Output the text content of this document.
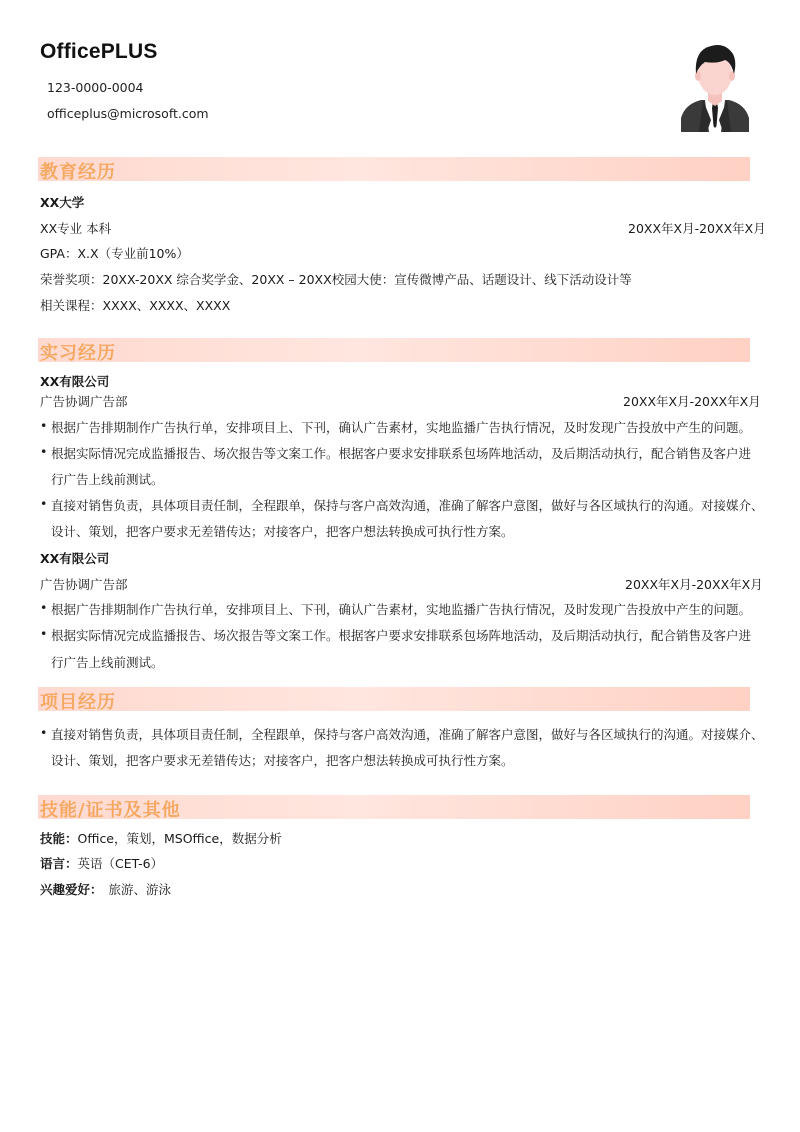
OfficePLUS
123-0000-0004
officeplus@microsoft.com
教育经历
XX大学
XX专业 本科	20XX年X月-20XX年X月
GPA：X.X（专业前10%）
荣誉奖项：20XX-20XX 综合奖学金、20XX – 20XX校园大使：宣传微博产品、话题设计、线下活动设计等
相关课程：XXXX、XXXX、XXXX
实习经历
XX有限公司
广告协调广告部	20XX年X月-20XX年X月
• 根据广告排期制作广告执行单，安排项目上、下刊，确认广告素材，实地监播广告执行情况，及时发现广告投放中产生的问题。
• 根据实际情况完成监播报告、场次报告等文案工作。根据客户要求安排联系包场阵地活动，及后期活动执行，配合销售及客户进
行广告上线前测试。
• 直接对销售负责，具体项目责任制，全程跟单，保持与客户高效沟通，准确了解客户意图，做好与各区域执行的沟通。对接媒介、
设计、策划，把客户要求无差错传达；对接客户，把客户想法转换成可执行性方案。
XX有限公司
广告协调广告部	20XX年X月-20XX年X月
• 根据广告排期制作广告执行单，安排项目上、下刊，确认广告素材，实地监播广告执行情况，及时发现广告投放中产生的问题。
• 根据实际情况完成监播报告、场次报告等文案工作。根据客户要求安排联系包场阵地活动，及后期活动执行，配合销售及客户进
行广告上线前测试。
项目经历
• 直接对销售负责，具体项目责任制，全程跟单，保持与客户高效沟通，准确了解客户意图，做好与各区域执行的沟通。对接媒介、
设计、策划，把客户要求无差错传达；对接客户，把客户想法转换成可执行性方案。
技能/证书及其他
技能：Office，策划，MSOffice，数据分析
语言：英语（CET-6）
兴趣爱好： 旅游、游泳
